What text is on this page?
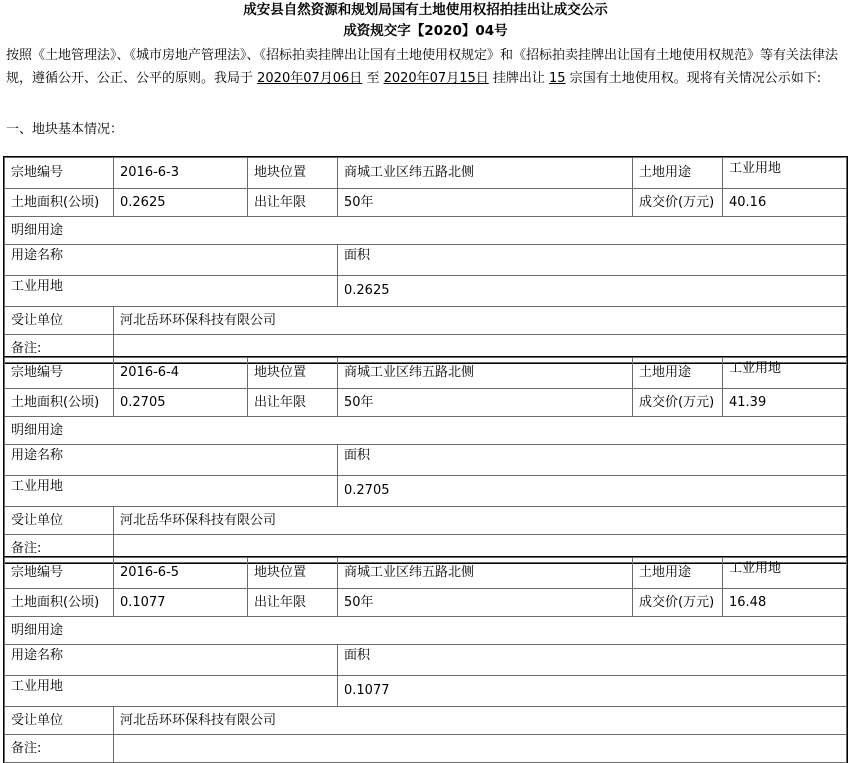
成安县自然资源和规划局国有土地使用权招拍挂出让成交公示
成资规交字【2020】04号
按照《土地管理法》、《城市房地产管理法》、《招标拍卖挂牌出让国有土地使用权规定》和《招标拍卖挂牌出让国有土地使用权规范》等有关法律法规，遵循公开、公正、公平的原则。我局于 2020年07月06日 至 2020年07月15日 挂牌出让 15 宗国有土地使用权。现将有关情况公示如下:
一、地块基本情况：
宗地编号	2016-6-3	地块位置	商城工业区纬五路北侧	土地用途	工业用地
土地面积(公顷)	0.2625	出让年限	50年	成交价(万元)	40.16
明细用途					
用途名称			面积		
工业用地			0.2625		
受让单位	河北岳环环保科技有限公司				
备注:					
宗地编号	2016-6-4	地块位置	商城工业区纬五路北侧	土地用途	工业用地
土地面积(公顷)	0.2705	出让年限	50年	成交价(万元)	41.39
明细用途					
用途名称			面积		
工业用地			0.2705		
受让单位	河北岳华环保科技有限公司				
备注:					
宗地编号	2016-6-5	地块位置	商城工业区纬五路北侧	土地用途	工业用地
土地面积(公顷)	0.1077	出让年限	50年	成交价(万元)	16.48
明细用途					
用途名称			面积		
工业用地			0.1077		
受让单位	河北岳环环保科技有限公司				
备注:					
